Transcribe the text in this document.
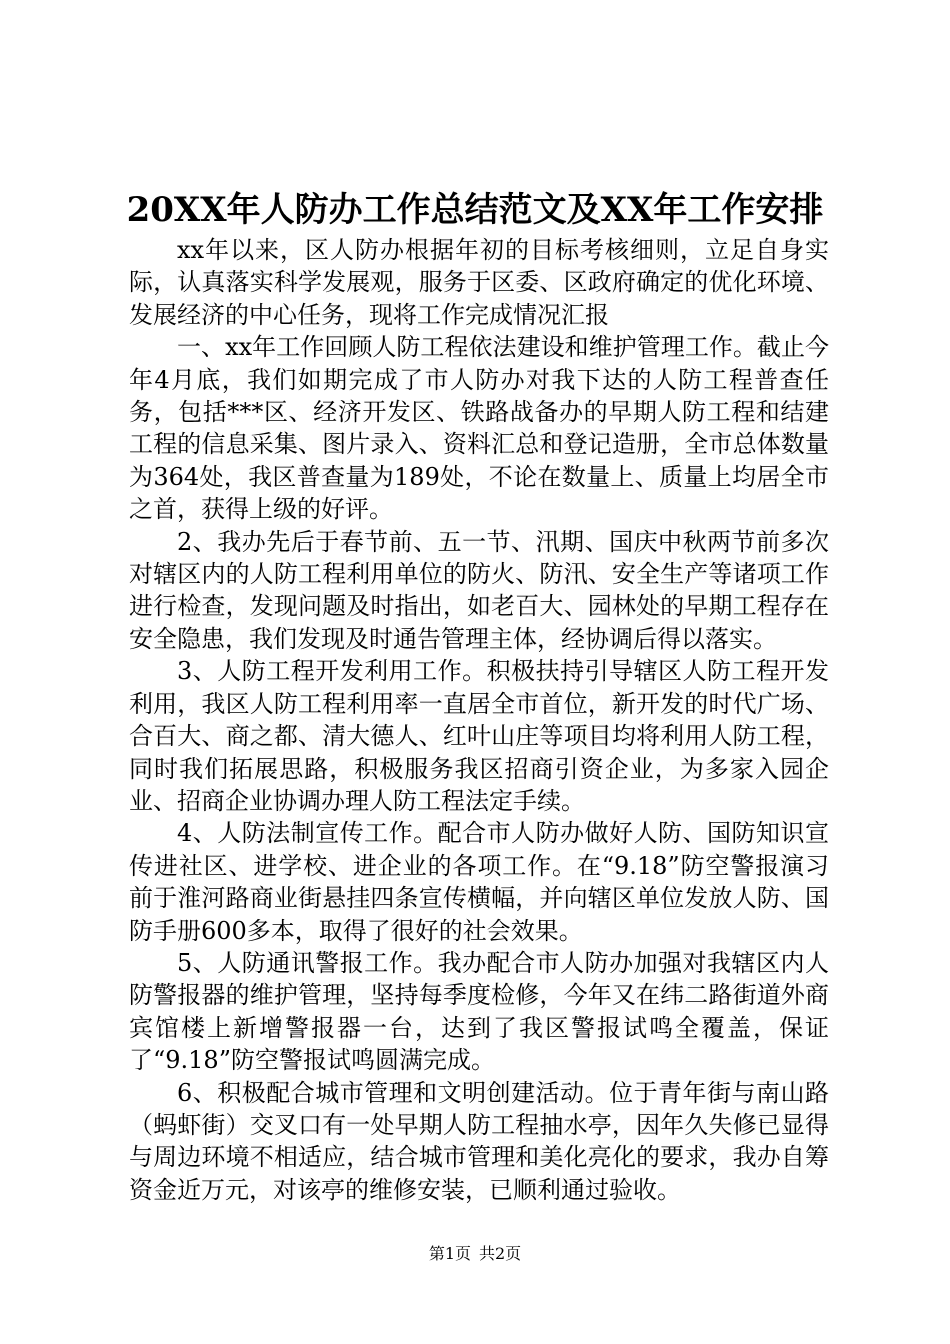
20XX年人防办工作总结范文及XX年工作安排

xx年以来，区人防办根据年初的目标考核细则，立足自身实际，认真落实科学发展观，服务于区委、区政府确定的优化环境、发展经济的中心任务，现将工作完成情况汇报

一、xx年工作回顾人防工程依法建设和维护管理工作。截止今年4月底，我们如期完成了市人防办对我下达的人防工程普查任务，包括***区、经济开发区、铁路战备办的早期人防工程和结建工程的信息采集、图片录入、资料汇总和登记造册，全市总体数量为364处，我区普查量为189处，不论在数量上、质量上均居全市之首，获得上级的好评。

2、我办先后于春节前、五一节、汛期、国庆中秋两节前多次对辖区内的人防工程利用单位的防火、防汛、安全生产等诸项工作进行检查，发现问题及时指出，如老百大、园林处的早期工程存在安全隐患，我们发现及时通告管理主体，经协调后得以落实。

3、人防工程开发利用工作。积极扶持引导辖区人防工程开发利用，我区人防工程利用率一直居全市首位，新开发的时代广场、合百大、商之都、清大德人、红叶山庄等项目均将利用人防工程，同时我们拓展思路，积极服务我区招商引资企业，为多家入园企业、招商企业协调办理人防工程法定手续。

4、人防法制宣传工作。配合市人防办做好人防、国防知识宣传进社区、进学校、进企业的各项工作。在“9.18”防空警报演习前于淮河路商业街悬挂四条宣传横幅，并向辖区单位发放人防、国防手册600多本，取得了很好的社会效果。

5、人防通讯警报工作。我办配合市人防办加强对我辖区内人防警报器的维护管理，坚持每季度检修，今年又在纬二路街道外商宾馆楼上新增警报器一台，达到了我区警报试鸣全覆盖，保证了“9.18”防空警报试鸣圆满完成。

6、积极配合城市管理和文明创建活动。位于青年街与南山路（蚂虾街）交叉口有一处早期人防工程抽水亭，因年久失修已显得与周边环境不相适应，结合城市管理和美化亮化的要求，我办自筹资金近万元，对该亭的维修安装，已顺利通过验收。

第1页 共2页
